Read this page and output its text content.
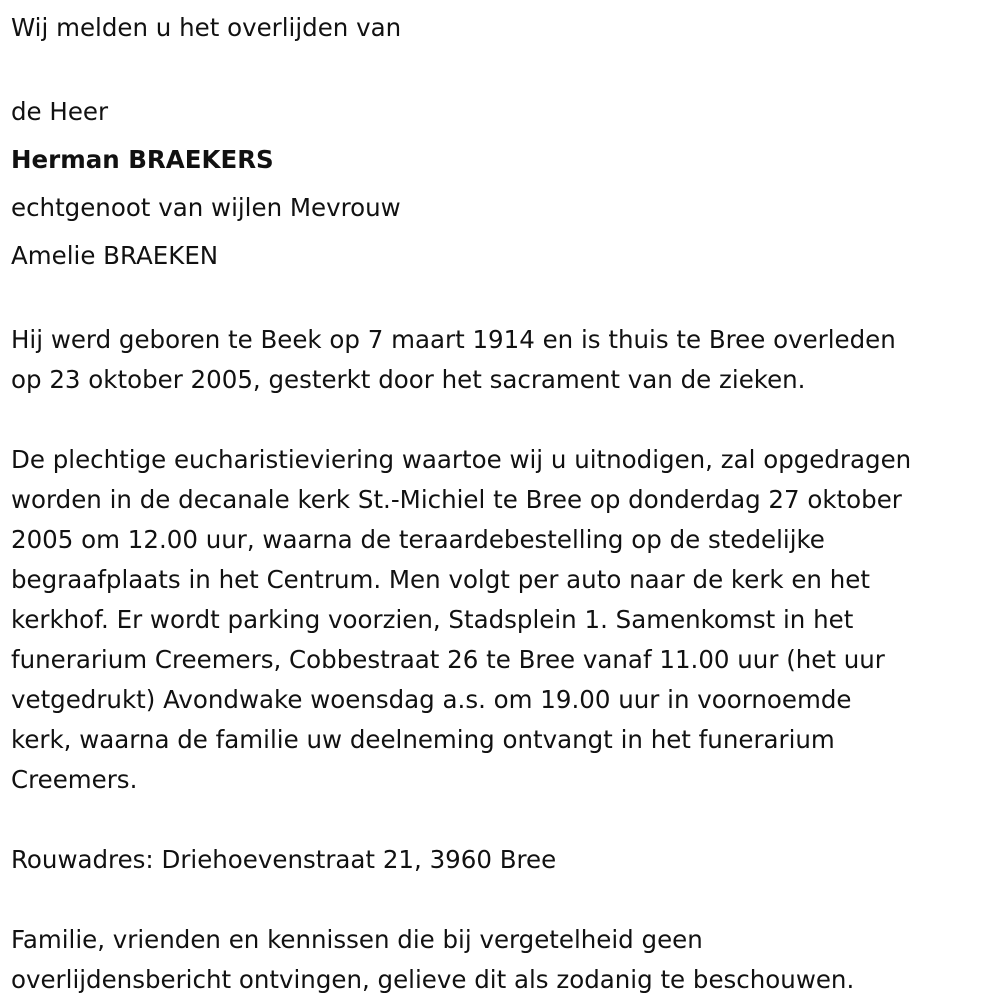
Wij melden u het overlijden van
de Heer
Herman BRAEKERS
echtgenoot van wijlen Mevrouw
Amelie BRAEKEN
Hij werd geboren te Beek op 7 maart 1914 en is thuis te Bree overleden
op 23 oktober 2005, gesterkt door het sacrament van de zieken.
De plechtige eucharistieviering waartoe wij u uitnodigen, zal opgedragen
worden in de decanale kerk St.-Michiel te Bree op donderdag 27 oktober
2005 om 12.00 uur, waarna de teraardebestelling op de stedelijke
begraafplaats in het Centrum. Men volgt per auto naar de kerk en het
kerkhof. Er wordt parking voorzien, Stadsplein 1. Samenkomst in het
funerarium Creemers, Cobbestraat 26 te Bree vanaf 11.00 uur (het uur
vetgedrukt) Avondwake woensdag a.s. om 19.00 uur in voornoemde
kerk, waarna de familie uw deelneming ontvangt in het funerarium
Creemers.
Rouwadres: Driehoevenstraat 21, 3960 Bree
Familie, vrienden en kennissen die bij vergetelheid geen
overlijdensbericht ontvingen, gelieve dit als zodanig te beschouwen.
